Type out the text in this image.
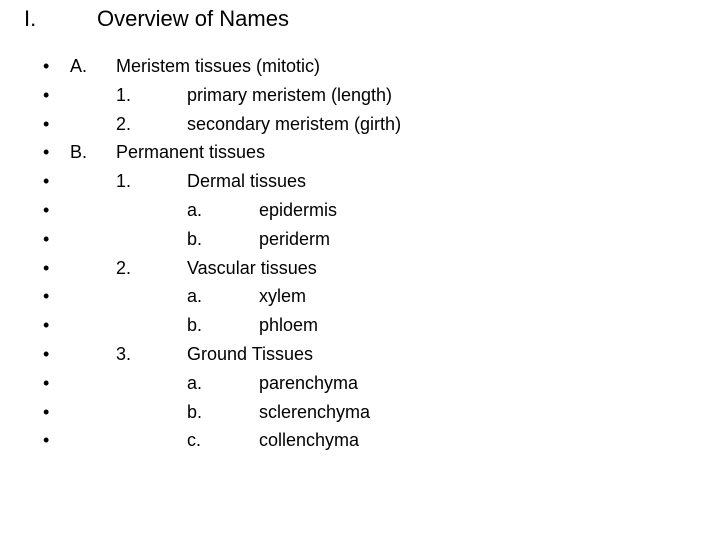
I.	Overview of Names
• A. Meristem tissues (mitotic)
•	1.	primary meristem (length)
•	2.	secondary meristem (girth)
• B. Permanent tissues
•	1.	Dermal tissues
•	a.	epidermis
•	b.	periderm
•	2.	Vascular tissues
•	a.	xylem
•	b.	phloem
•	3.	Ground Tissues
•	a.	parenchyma
•	b.	sclerenchyma
•	c.	collenchyma
